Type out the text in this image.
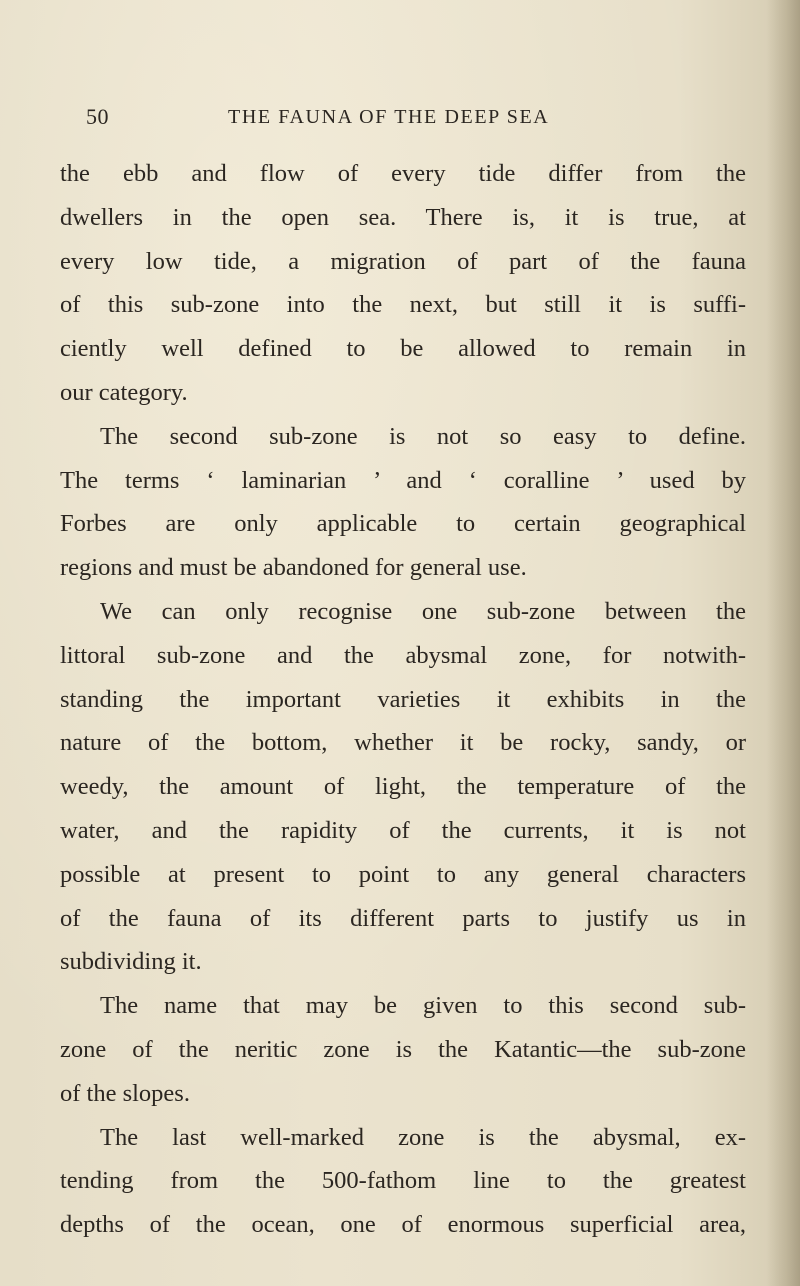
50	THE FAUNA OF THE DEEP SEA
the ebb and flow of every tide differ from the
dwellers in the open sea. There is, it is true, at
every low tide, a migration of part of the fauna
of this sub-zone into the next, but still it is suffi-
ciently well defined to be allowed to remain in
our category.
The second sub-zone is not so easy to define.
The terms ‘ laminarian ’ and ‘ coralline ’ used by
Forbes are only applicable to certain geographical
regions and must be abandoned for general use.
We can only recognise one sub-zone between the
littoral sub-zone and the abysmal zone, for notwith-
standing the important varieties it exhibits in the
nature of the bottom, whether it be rocky, sandy, or
weedy, the amount of light, the temperature of the
water, and the rapidity of the currents, it is not
possible at present to point to any general characters
of the fauna of its different parts to justify us in
subdividing it.
The name that may be given to this second sub-
zone of the neritic zone is the Katantic—the sub-zone
of the slopes.
The last well-marked zone is the abysmal, ex-
tending from the 500-fathom line to the greatest
depths of the ocean, one of enormous superficial area,
